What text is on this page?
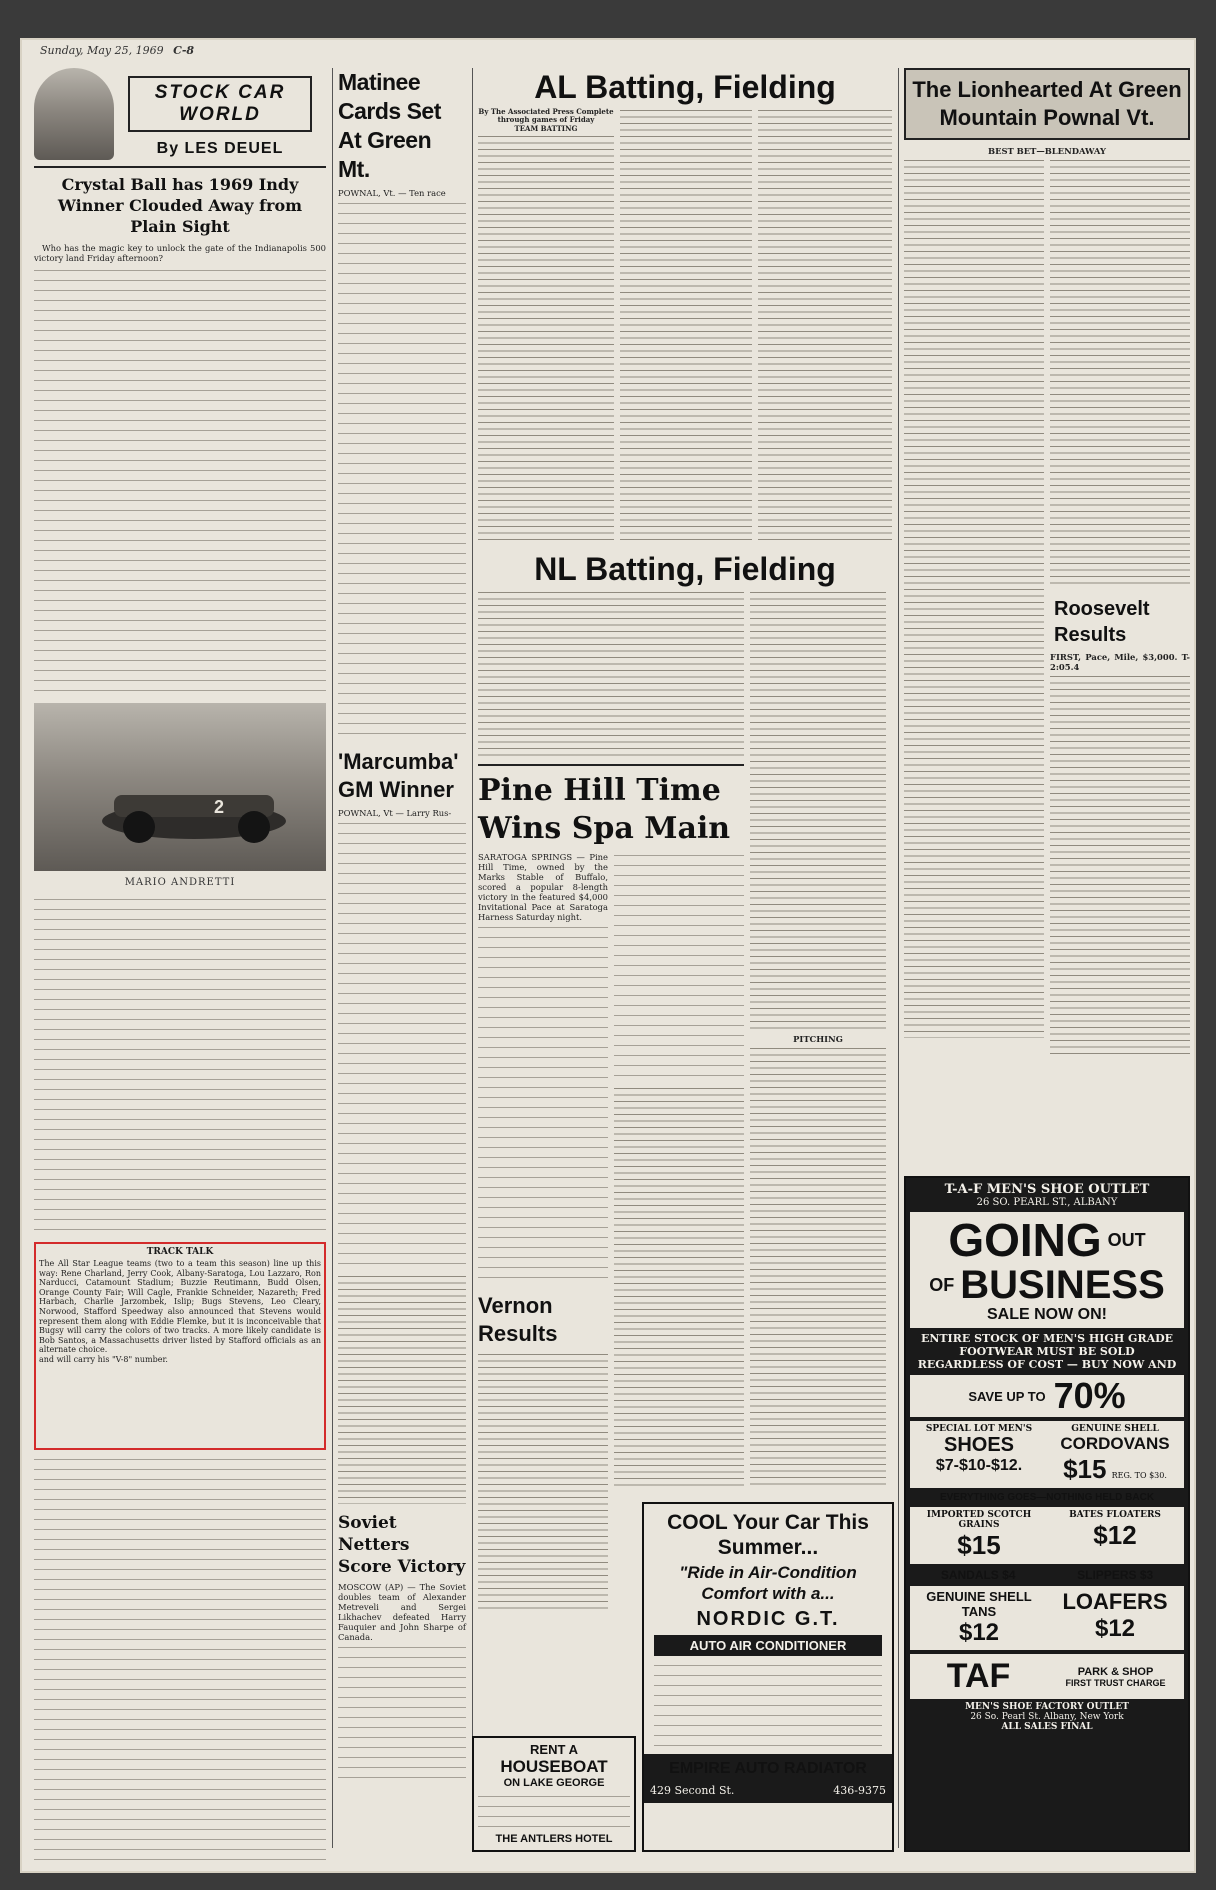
Sunday, May 25, 1969 C-8
STOCK CAR WORLD
By LES DEUEL
Crystal Ball has 1969 Indy Winner Clouded Away from Plain Sight
Who has the magic key to unlock the gate of the Indianapolis 500 victory land Friday afternoon?
2
MARIO ANDRETTI
TRACK TALK
The All Star League teams (two to a team this season) line up this way: Rene Charland, Jerry Cook, Albany-Saratoga, Lou Lazzaro, Ron Narducci, Catamount Stadium; Buzzie Reutimann, Budd Olsen, Orange County Fair; Will Cagle, Frankie Schneider, Nazareth; Fred Harbach, Charlie Jarzombek, Islip; Bugs Stevens, Leo Cleary, Norwood, Stafford Speedway also announced that Stevens would represent them along with Eddie Flemke, but it is inconceivable that Bugsy will carry the colors of two tracks. A more likely candidate is Bob Santos, a Massachusetts driver listed by Stafford officials as an alternate choice.
and will carry his "V-8" number.
Matinee Cards Set At Green Mt.
POWNAL, Vt. — Ten race
'Marcumba' GM Winner
POWNAL, Vt — Larry Rus-
Soviet Netters Score Victory
MOSCOW (AP) — The Soviet doubles team of Alexander Metreveli and Sergei Likhachev defeated Harry Fauquier and John Sharpe of Canada.
AL Batting, Fielding
By The Associated Press Complete through games of Friday
TEAM BATTING
NL Batting, Fielding
Pine Hill Time Wins Spa Main
SARATOGA SPRINGS — Pine Hill Time, owned by the Marks Stable of Buffalo, scored a popular 8-length victory in the featured $4,000 Invitational Pace at Saratoga Harness Saturday night.
Vernon Results
PITCHING
The Lionhearted At Green Mountain Pownal Vt.
BEST BET—BLENDAWAY
Roosevelt Results
FIRST, Pace, Mile, $3,000. T-2:05.4
RENT A
HOUSEBOAT
ON LAKE GEORGE
THE ANTLERS HOTEL
COOL Your Car This Summer...
"Ride in Air-Condition Comfort with a...
NORDIC G.T.
AUTO AIR CONDITIONER
EMPIRE AUTO RADIATOR
429 Second St.	436-9375
T-A-F MEN'S SHOE OUTLET
26 SO. PEARL ST., ALBANY
GOING OUT
OF BUSINESS
SALE NOW ON!
ENTIRE STOCK OF MEN'S HIGH GRADE FOOTWEAR MUST BE SOLD REGARDLESS OF COST — BUY NOW AND
SAVE UP TO 70%
SPECIAL LOT MEN'S
SHOES
$7-$10-$12.
GENUINE SHELL
CORDOVANS
$15 REG. TO $30.
EVERYTHING GOES—NOTHING HELD BACK
IMPORTED SCOTCH GRAINS
$15
BATES FLOATERS
$12
SANDALS $4	SLIPPERS $3
GENUINE SHELL TANS
$12
LOAFERS
$12
TAF	PARK & SHOP
FIRST TRUST CHARGE
MEN'S SHOE FACTORY OUTLET
26 So. Pearl St. Albany, New York
ALL SALES FINAL
